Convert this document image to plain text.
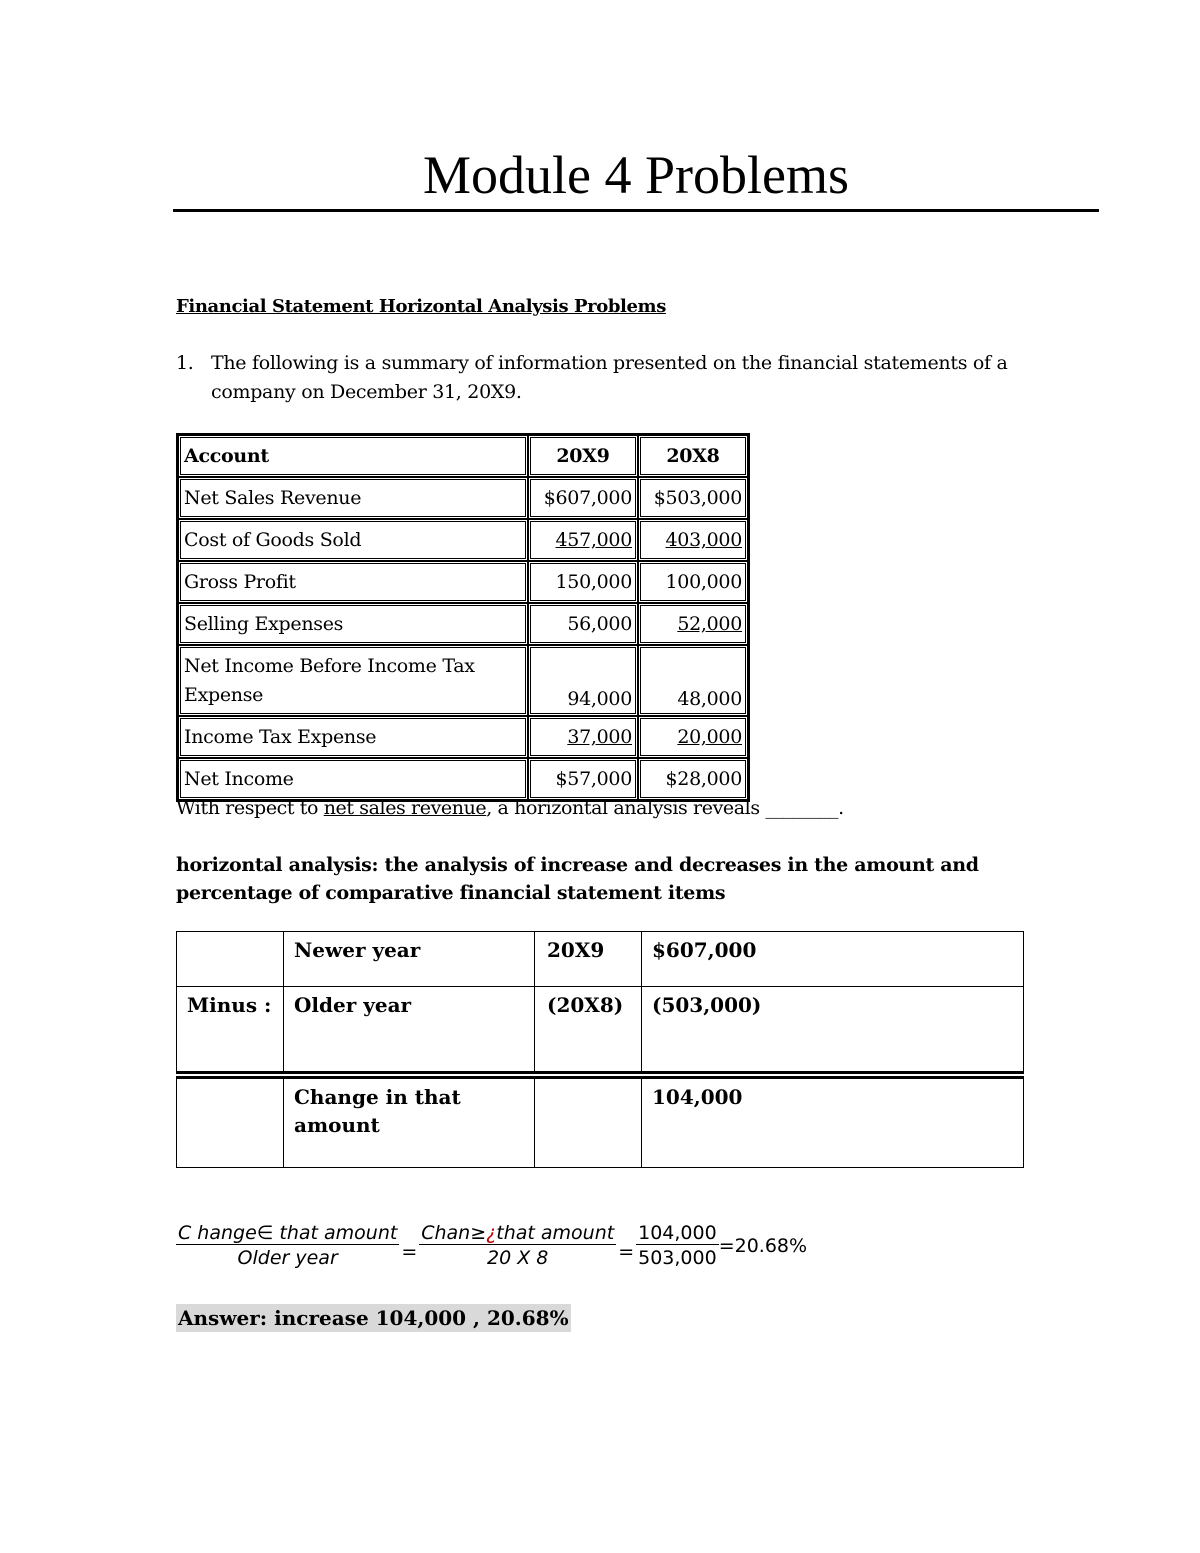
Module 4 Problems
Financial Statement Horizontal Analysis Problems
1. The following is a summary of information presented on the financial statements of a company on December 31, 20X9.
Account	20X9	20X8
Net Sales Revenue	$607,000	$503,000
Cost of Goods Sold	457,000	403,000
Gross Profit	150,000	100,000
Selling Expenses	56,000	52,000
Net Income Before Income Tax Expense	94,000	48,000
Income Tax Expense	37,000	20,000
Net Income	$57,000	$28,000
With respect to net sales revenue, a horizontal analysis reveals ________.
horizontal analysis: the analysis of increase and decreases in the amount and percentage of comparative financial statement items
	Newer year	20X9	$607,000
Minus :	Older year	(20X8)	(503,000)
	Change in that amount		104,000
$\frac{\text{C hange∈ that amount}}{\text{Older year}} = \frac{\text{Chan≥¿that amount}}{20 X 8} = \frac{104,000}{503,000} =20.68\%$
Answer: increase 104,000 , 20.68%
